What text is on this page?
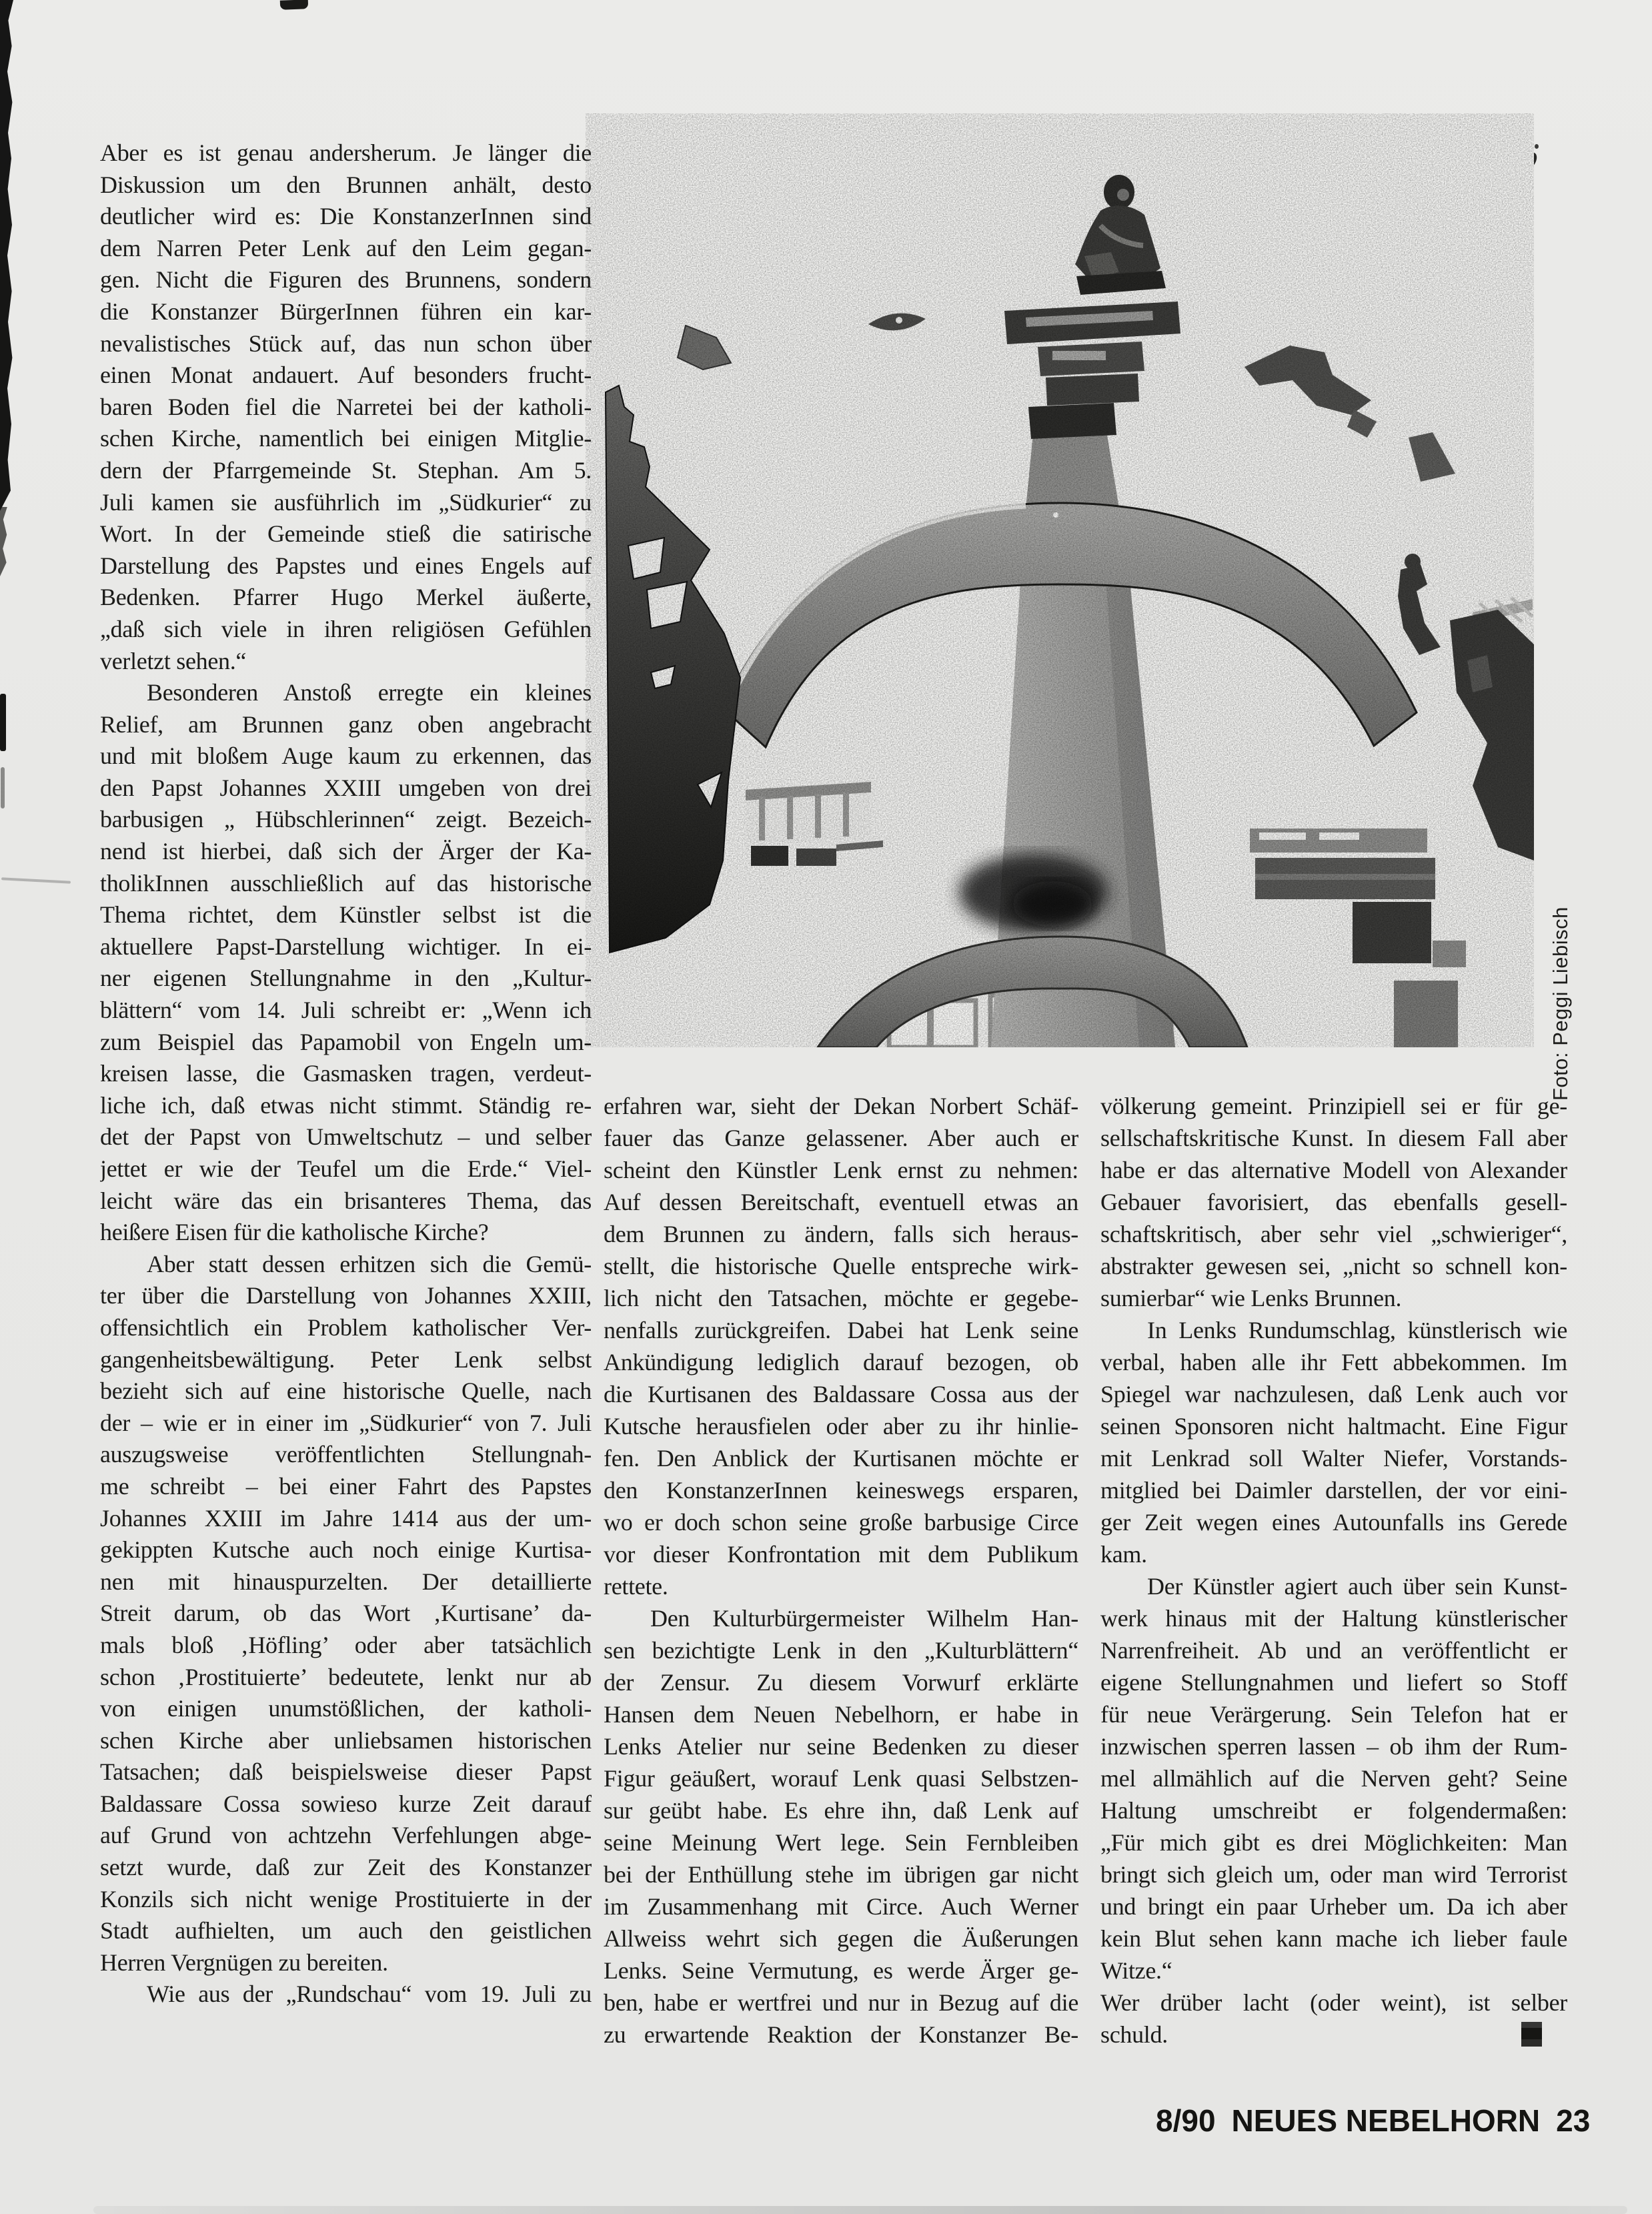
Foto: Peggi Liebisch
Aber es ist genau andersherum. Je länger die
Diskussion um den Brunnen anhält, desto
deutlicher wird es: Die KonstanzerInnen sind
dem Narren Peter Lenk auf den Leim gegan-
gen. Nicht die Figuren des Brunnens, sondern
die Konstanzer BürgerInnen führen ein kar-
nevalistisches Stück auf, das nun schon über
einen Monat andauert. Auf besonders frucht-
baren Boden fiel die Narretei bei der katholi-
schen Kirche, namentlich bei einigen Mitglie-
dern der Pfarrgemeinde St. Stephan. Am 5.
Juli kamen sie ausführlich im „Südkurier“ zu
Wort. In der Gemeinde stieß die satirische
Darstellung des Papstes und eines Engels auf
Bedenken. Pfarrer Hugo Merkel äußerte,
„daß sich viele in ihren religiösen Gefühlen
verletzt sehen.“
Besonderen Anstoß erregte ein kleines
Relief, am Brunnen ganz oben angebracht
und mit bloßem Auge kaum zu erkennen, das
den Papst Johannes XXIII umgeben von drei
barbusigen „ Hübschlerinnen“ zeigt. Bezeich-
nend ist hierbei, daß sich der Ärger der Ka-
tholikInnen ausschließlich auf das historische
Thema richtet, dem Künstler selbst ist die
aktuellere Papst-Darstellung wichtiger. In ei-
ner eigenen Stellungnahme in den „Kultur-
blättern“ vom 14. Juli schreibt er: „Wenn ich
zum Beispiel das Papamobil von Engeln um-
kreisen lasse, die Gasmasken tragen, verdeut-
liche ich, daß etwas nicht stimmt. Ständig re-
det der Papst von Umweltschutz – und selber
jettet er wie der Teufel um die Erde.“ Viel-
leicht wäre das ein brisanteres Thema, das
heißere Eisen für die katholische Kirche?
Aber statt dessen erhitzen sich die Gemü-
ter über die Darstellung von Johannes XXIII,
offensichtlich ein Problem katholischer Ver-
gangenheitsbewältigung. Peter Lenk selbst
bezieht sich auf eine historische Quelle, nach
der – wie er in einer im „Südkurier“ von 7. Juli
auszugsweise veröffentlichten Stellungnah-
me schreibt – bei einer Fahrt des Papstes
Johannes XXIII im Jahre 1414 aus der um-
gekippten Kutsche auch noch einige Kurtisa-
nen mit hinauspurzelten. Der detaillierte
Streit darum, ob das Wort ‚Kurtisane’ da-
mals bloß ‚Höfling’ oder aber tatsächlich
schon ‚Prostituierte’ bedeutete, lenkt nur ab
von einigen unumstößlichen, der katholi-
schen Kirche aber unliebsamen historischen
Tatsachen; daß beispielsweise dieser Papst
Baldassare Cossa sowieso kurze Zeit darauf
auf Grund von achtzehn Verfehlungen abge-
setzt wurde, daß zur Zeit des Konstanzer
Konzils sich nicht wenige Prostituierte in der
Stadt aufhielten, um auch den geistlichen
Herren Vergnügen zu bereiten.
Wie aus der „Rundschau“ vom 19. Juli zu
erfahren war, sieht der Dekan Norbert Schäf-
fauer das Ganze gelassener. Aber auch er
scheint den Künstler Lenk ernst zu nehmen:
Auf dessen Bereitschaft, eventuell etwas an
dem Brunnen zu ändern, falls sich heraus-
stellt, die historische Quelle entspreche wirk-
lich nicht den Tatsachen, möchte er gegebe-
nenfalls zurückgreifen. Dabei hat Lenk seine
Ankündigung lediglich darauf bezogen, ob
die Kurtisanen des Baldassare Cossa aus der
Kutsche herausfielen oder aber zu ihr hinlie-
fen. Den Anblick der Kurtisanen möchte er
den KonstanzerInnen keineswegs ersparen,
wo er doch schon seine große barbusige Circe
vor dieser Konfrontation mit dem Publikum
rettete.
Den Kulturbürgermeister Wilhelm Han-
sen bezichtigte Lenk in den „Kulturblättern“
der Zensur. Zu diesem Vorwurf erklärte
Hansen dem Neuen Nebelhorn, er habe in
Lenks Atelier nur seine Bedenken zu dieser
Figur geäußert, worauf Lenk quasi Selbstzen-
sur geübt habe. Es ehre ihn, daß Lenk auf
seine Meinung Wert lege. Sein Fernbleiben
bei der Enthüllung stehe im übrigen gar nicht
im Zusammenhang mit Circe. Auch Werner
Allweiss wehrt sich gegen die Äußerungen
Lenks. Seine Vermutung, es werde Ärger ge-
ben, habe er wertfrei und nur in Bezug auf die
zu erwartende Reaktion der Konstanzer Be-
völkerung gemeint. Prinzipiell sei er für ge-
sellschaftskritische Kunst. In diesem Fall aber
habe er das alternative Modell von Alexander
Gebauer favorisiert, das ebenfalls gesell-
schaftskritisch, aber sehr viel „schwieriger“,
abstrakter gewesen sei, „nicht so schnell kon-
sumierbar“ wie Lenks Brunnen.
In Lenks Rundumschlag, künstlerisch wie
verbal, haben alle ihr Fett abbekommen. Im
Spiegel war nachzulesen, daß Lenk auch vor
seinen Sponsoren nicht haltmacht. Eine Figur
mit Lenkrad soll Walter Niefer, Vorstands-
mitglied bei Daimler darstellen, der vor eini-
ger Zeit wegen eines Autounfalls ins Gerede
kam.
Der Künstler agiert auch über sein Kunst-
werk hinaus mit der Haltung künstlerischer
Narrenfreiheit. Ab und an veröffentlicht er
eigene Stellungnahmen und liefert so Stoff
für neue Verärgerung. Sein Telefon hat er
inzwischen sperren lassen – ob ihm der Rum-
mel allmählich auf die Nerven geht? Seine
Haltung umschreibt er folgendermaßen:
„Für mich gibt es drei Möglichkeiten: Man
bringt sich gleich um, oder man wird Terrorist
und bringt ein paar Urheber um. Da ich aber
kein Blut sehen kann mache ich lieber faule
Witze.“
Wer drüber lacht (oder weint), ist selber
schuld.
8/90 NEUES NEBELHORN 23
